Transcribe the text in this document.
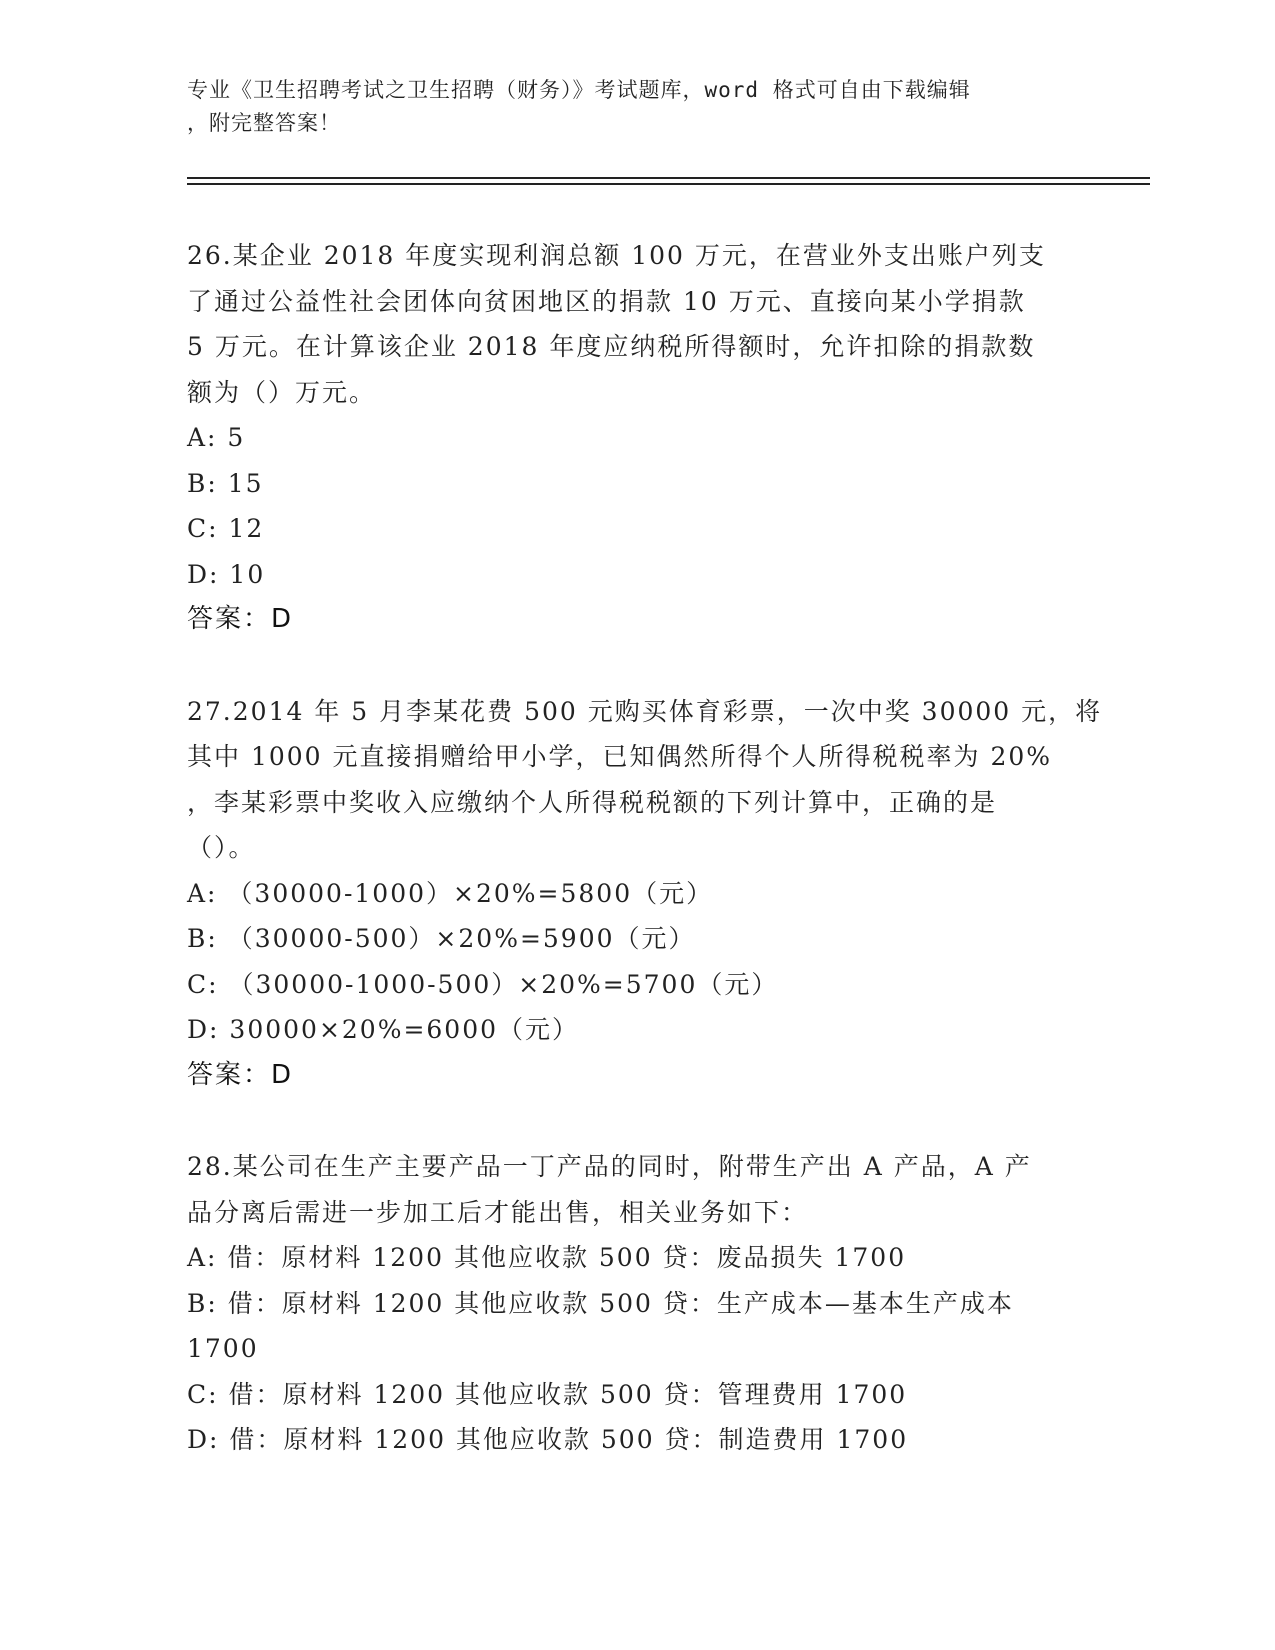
专业《卫生招聘考试之卫生招聘（财务）》考试题库，word 格式可自由下载编辑
，附完整答案！
26.某企业 2018 年度实现利润总额 100 万元，在营业外支出账户列支
了通过公益性社会团体向贫困地区的捐款 10 万元、直接向某小学捐款
5 万元。在计算该企业 2018 年度应纳税所得额时，允许扣除的捐款数
额为（）万元。
A: 5
B: 15
C: 12
D: 10
答案：D
27.2014 年 5 月李某花费 500 元购买体育彩票，一次中奖 30000 元，将
其中 1000 元直接捐赠给甲小学，已知偶然所得个人所得税税率为 20%
，李某彩票中奖收入应缴纳个人所得税税额的下列计算中，正确的是
（）。
A: （30000-1000）×20%=5800（元）
B: （30000-500）×20%=5900（元）
C: （30000-1000-500）×20%=5700（元）
D: 30000×20%=6000（元）
答案：D
28.某公司在生产主要产品一丁产品的同时，附带生产出 A 产品，A 产
品分离后需进一步加工后才能出售，相关业务如下：
A: 借：原材料 1200 其他应收款 500 贷：废品损失 1700
B: 借：原材料 1200 其他应收款 500 贷：生产成本—基本生产成本
1700
C: 借：原材料 1200 其他应收款 500 贷：管理费用 1700
D: 借：原材料 1200 其他应收款 500 贷：制造费用 1700
